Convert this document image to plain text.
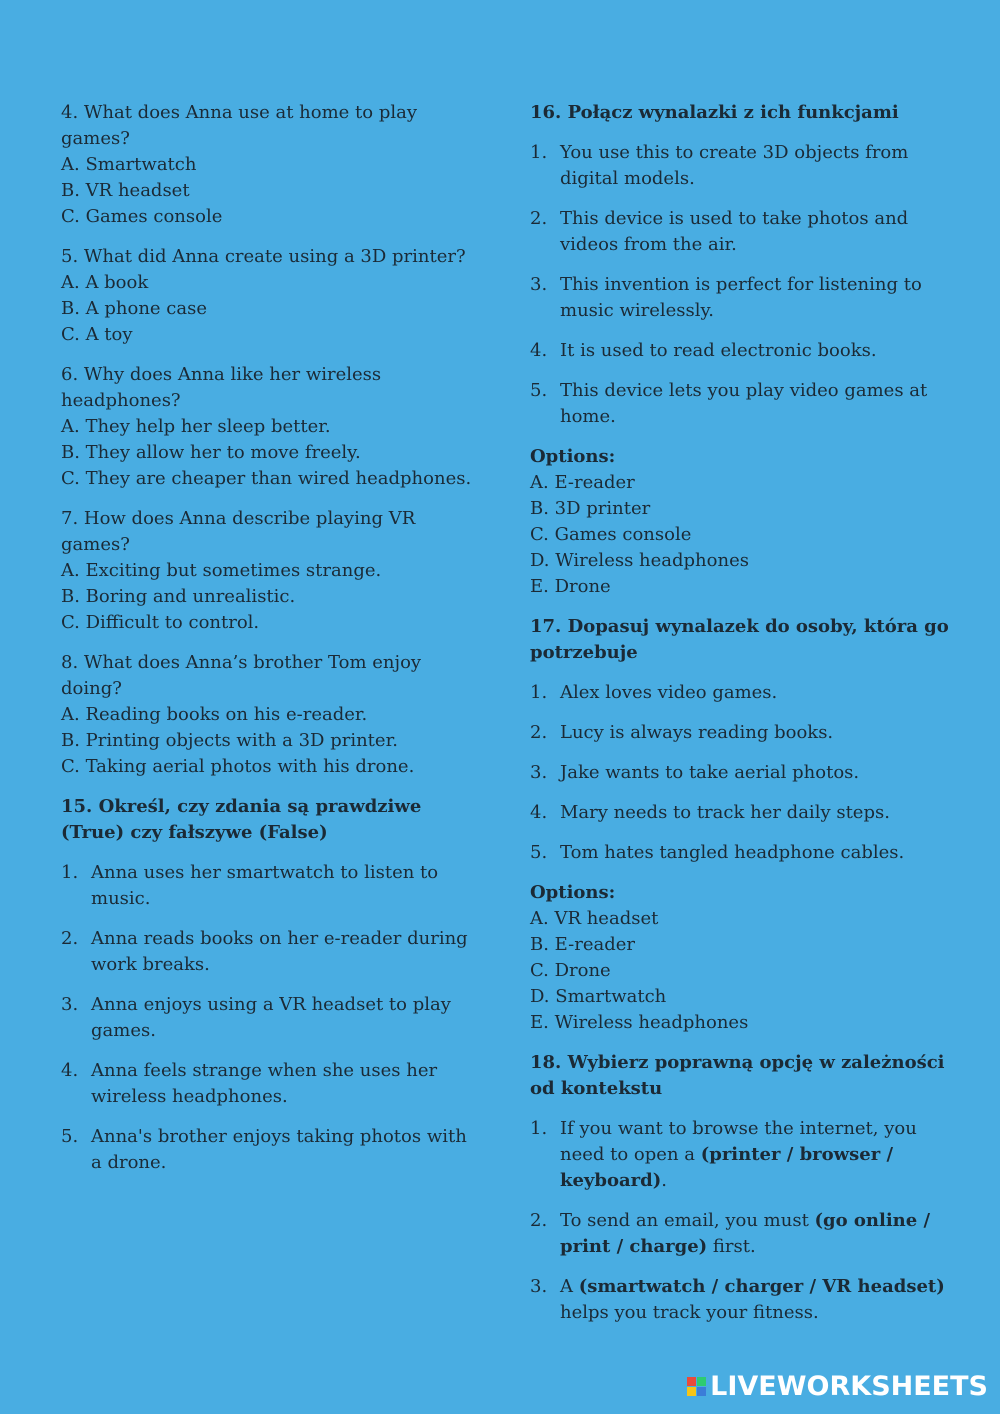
4. What does Anna use at home to play games?
A. Smartwatch
B. VR headset
C. Games console
5. What did Anna create using a 3D printer?
A. A book
B. A phone case
C. A toy
6. Why does Anna like her wireless headphones?
A. They help her sleep better.
B. They allow her to move freely.
C. They are cheaper than wired headphones.
7. How does Anna describe playing VR games?
A. Exciting but sometimes strange.
B. Boring and unrealistic.
C. Difficult to control.
8. What does Anna’s brother Tom enjoy doing?
A. Reading books on his e-reader.
B. Printing objects with a 3D printer.
C. Taking aerial photos with his drone.
15. Określ, czy zdania są prawdziwe (True) czy fałszywe (False)
1. Anna uses her smartwatch to listen to music.
2. Anna reads books on her e-reader during work breaks.
3. Anna enjoys using a VR headset to play games.
4. Anna feels strange when she uses her wireless headphones.
5. Anna's brother enjoys taking photos with a drone.
16. Połącz wynalazki z ich funkcjami
1. You use this to create 3D objects from digital models.
2. This device is used to take photos and videos from the air.
3. This invention is perfect for listening to music wirelessly.
4. It is used to read electronic books.
5. This device lets you play video games at home.
Options:
A. E-reader
B. 3D printer
C. Games console
D. Wireless headphones
E. Drone
17. Dopasuj wynalazek do osoby, która go potrzebuje
1. Alex loves video games.
2. Lucy is always reading books.
3. Jake wants to take aerial photos.
4. Mary needs to track her daily steps.
5. Tom hates tangled headphone cables.
Options:
A. VR headset
B. E-reader
C. Drone
D. Smartwatch
E. Wireless headphones
18. Wybierz poprawną opcję w zależności od kontekstu
1. If you want to browse the internet, you need to open a (printer / browser / keyboard).
2. To send an email, you must (go online / print / charge) first.
3. A (smartwatch / charger / VR headset) helps you track your fitness.
LIVEWORKSHEETS
